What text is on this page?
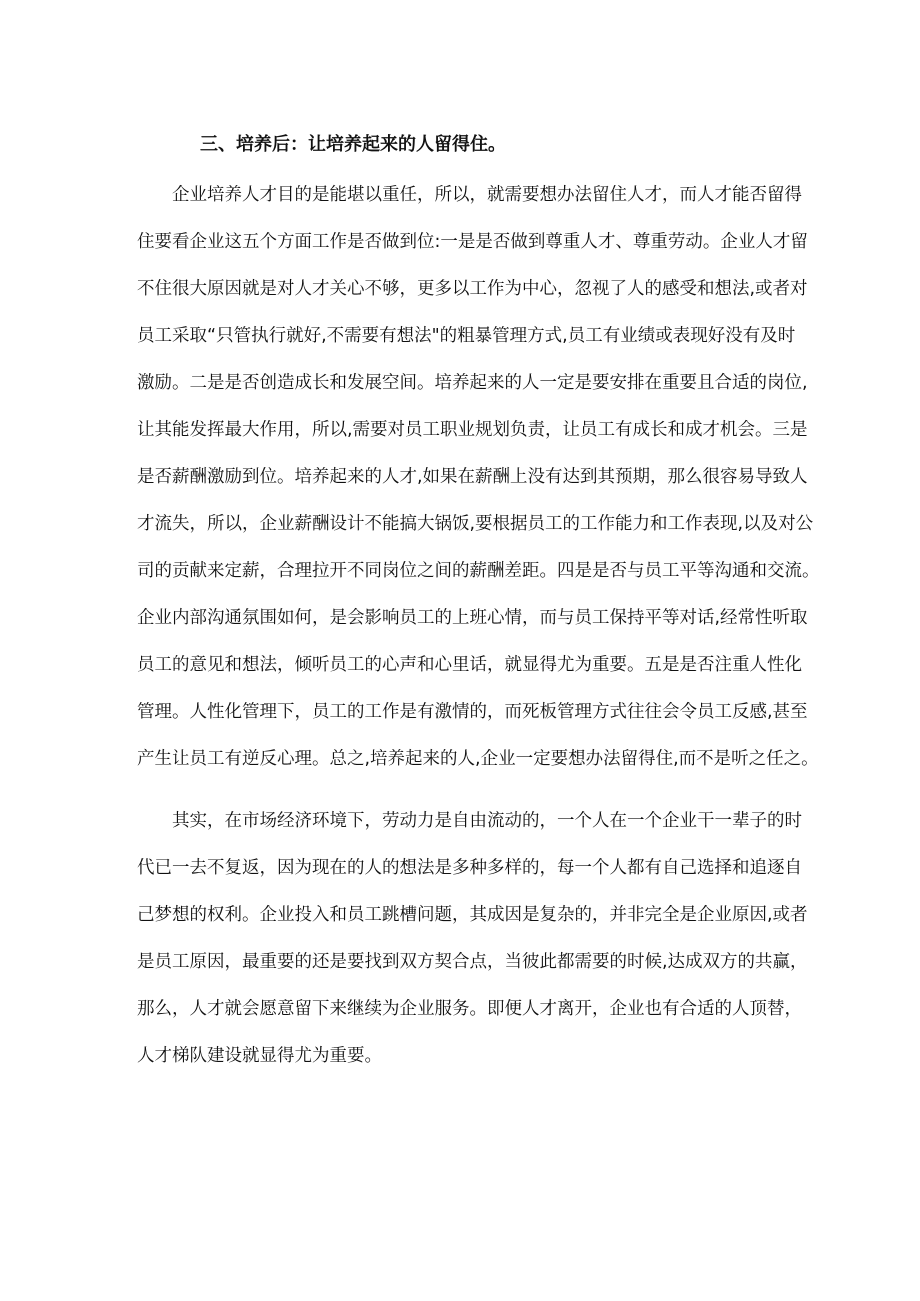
三、培养后：让培养起来的人留得住。
企业培养人才目的是能堪以重任，所以，就需要想办法留住人才，而人才能否留得
住要看企业这五个方面工作是否做到位:一是是否做到尊重人才、尊重劳动。企业人才留
不住很大原因就是对人才关心不够，更多以工作为中心，忽视了人的感受和想法,或者对
员工采取“只管执行就好,不需要有想法"的粗暴管理方式,员工有业绩或表现好没有及时
激励。二是是否创造成长和发展空间。培养起来的人一定是要安排在重要且合适的岗位,
让其能发挥最大作用，所以,需要对员工职业规划负责，让员工有成长和成才机会。三是
是否薪酬激励到位。培养起来的人才,如果在薪酬上没有达到其预期，那么很容易导致人
才流失，所以，企业薪酬设计不能搞大锅饭,要根据员工的工作能力和工作表现,以及对公
司的贡献来定薪，合理拉开不同岗位之间的薪酬差距。四是是否与员工平等沟通和交流。
企业内部沟通氛围如何，是会影响员工的上班心情，而与员工保持平等对话,经常性听取
员工的意见和想法，倾听员工的心声和心里话，就显得尤为重要。五是是否注重人性化
管理。人性化管理下，员工的工作是有激情的，而死板管理方式往往会令员工反感,甚至
产生让员工有逆反心理。总之,培养起来的人,企业一定要想办法留得住,而不是听之任之。
其实，在市场经济环境下，劳动力是自由流动的，一个人在一个企业干一辈子的时
代已一去不复返，因为现在的人的想法是多种多样的，每一个人都有自己选择和追逐自
己梦想的权利。企业投入和员工跳槽问题，其成因是复杂的，并非完全是企业原因,或者
是员工原因，最重要的还是要找到双方契合点，当彼此都需要的时候,达成双方的共赢，
那么，人才就会愿意留下来继续为企业服务。即便人才离开，企业也有合适的人顶替，
人才梯队建设就显得尤为重要。
